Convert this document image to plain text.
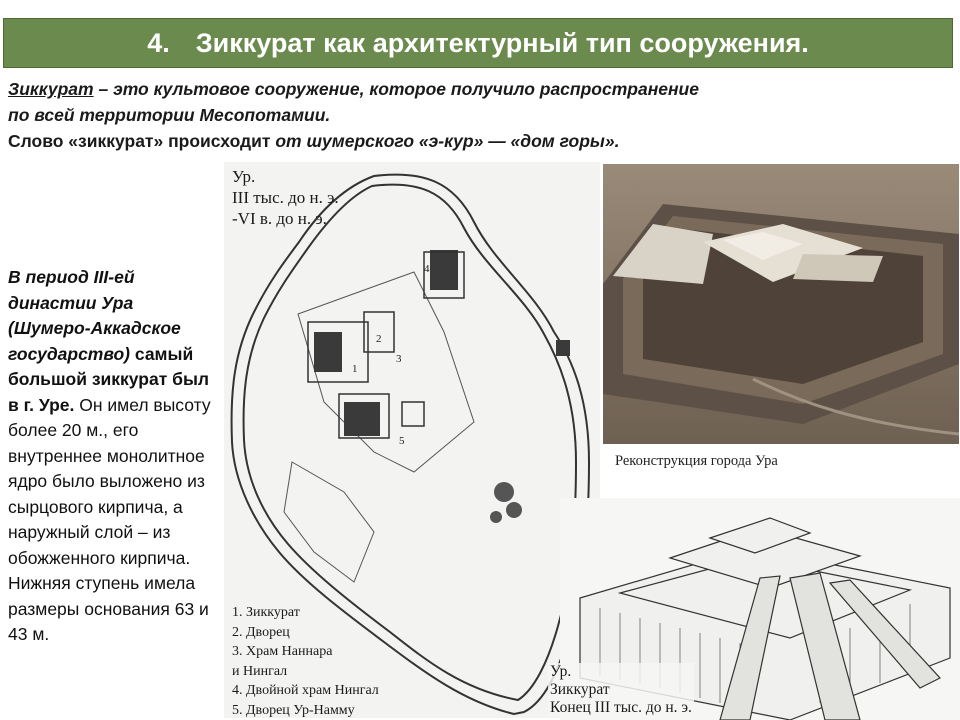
4. Зиккурат как архитектурный тип сооружения.
Зиккурат – это культовое сооружение, которое получило распространение
по всей территории Месопотамии.
Слово «зиккурат» происходит от шумерского «э-кур» — «дом горы».
В период III-ей династии Ура (Шумеро-Аккадское государство) самый большой зиккурат был в г. Уре. Он имел высоту более 20 м., его внутреннее монолитное ядро было выложено из сырцового кирпича, а наружный слой – из обожженного кирпича. Нижняя ступень имела размеры основания 63 и 43 м.
Ур.
III тыс. до н. э.
-VI в. до н. э.
1
2
3
4
5
1. Зиккурат
2. Дворец
3. Храм Наннара
и Нингал
4. Двойной храм Нингал
5. Дворец Ур-Намму
Реконструкция города Ура
Ур.
Зиккурат
Конец III тыс. до н. э.
